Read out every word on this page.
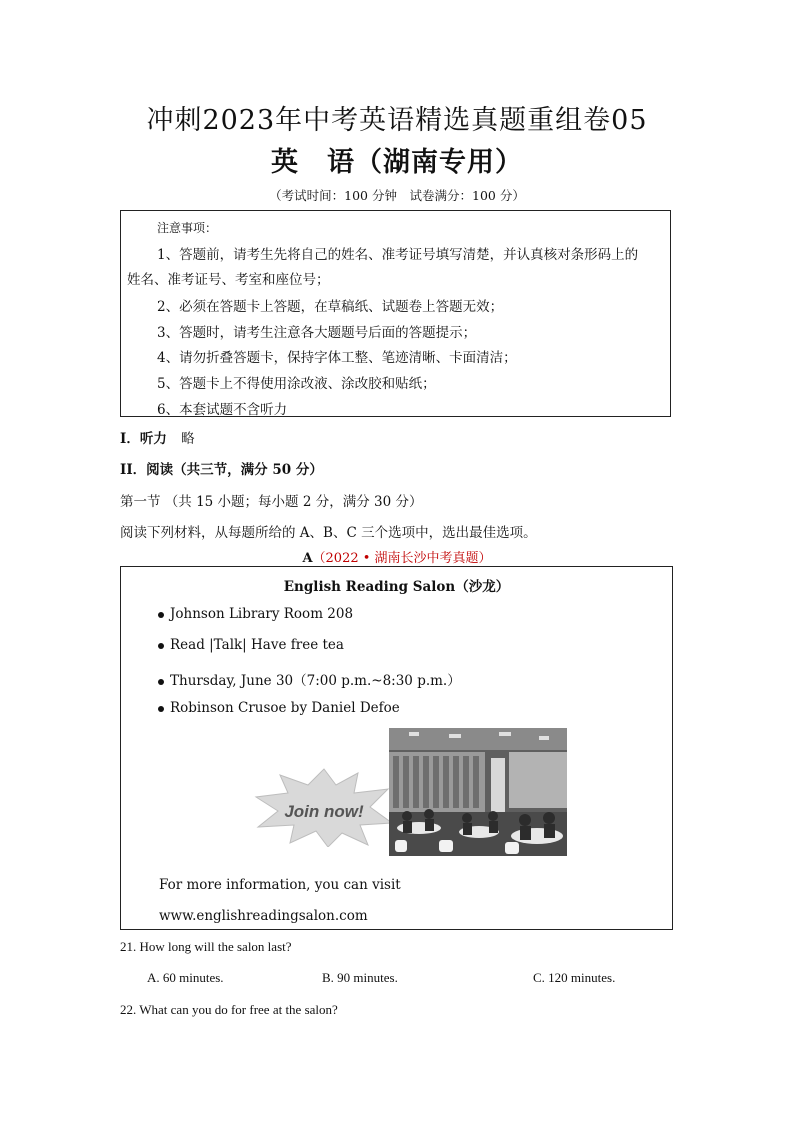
冲刺2023年中考英语精选真题重组卷05
英　语（湖南专用）
（考试时间：100 分钟　试卷满分：100 分）
注意事项：
1、答题前，请考生先将自己的姓名、准考证号填写清楚，并认真核对条形码上的
姓名、准考证号、考室和座位号；
2、必须在答题卡上答题，在草稿纸、试题卷上答题无效；
3、答题时，请考生注意各大题题号后面的答题提示；
4、请勿折叠答题卡，保持字体工整、笔迹清晰、卡面清洁；
5、答题卡上不得使用涂改液、涂改胶和贴纸；
6、本套试题不含听力
I．听力 略
II．阅读（共三节，满分 50 分）
第一节 （共 15 小题；每小题 2 分，满分 30 分）
阅读下列材料，从每题所给的 A、B、C 三个选项中，选出最佳选项。
A（2022 • 湖南长沙中考真题）
English Reading Salon（沙龙）
Johnson Library Room 208
Read |Talk| Have free tea
Thursday, June 30（7:00 p.m.~8:30 p.m.）
Robinson Crusoe by Daniel Defoe
Join now!
For more information, you can visit
www.englishreadingsalon.com
21. How long will the salon last?
A. 60 minutes.	B. 90 minutes.	C. 120 minutes.
22. What can you do for free at the salon?
